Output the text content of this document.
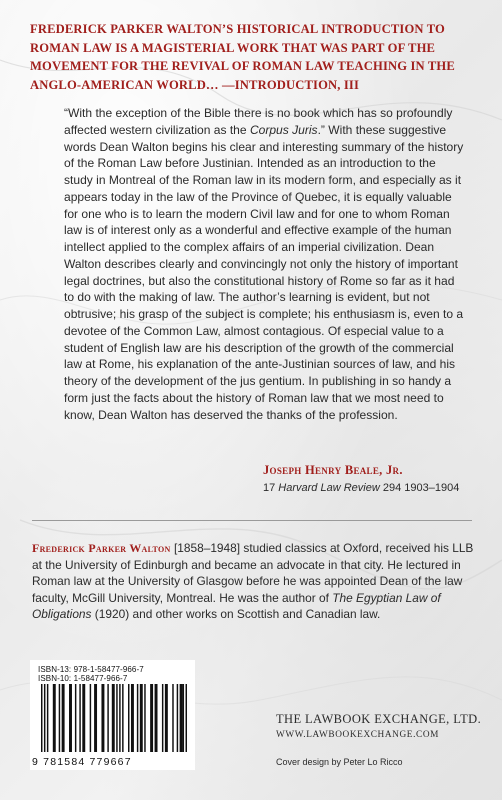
FREDERICK PARKER WALTON’S HISTORICAL INTRODUCTION TO ROMAN LAW IS A MAGISTERIAL WORK THAT WAS PART OF THE MOVEMENT FOR THE REVIVAL OF ROMAN LAW TEACHING IN THE ANGLO-AMERICAN WORLD… —INTRODUCTION, III
“With the exception of the Bible there is no book which has so profoundly affected western civilization as the Corpus Juris.” With these suggestive words Dean Walton begins his clear and interesting summary of the history of the Roman Law before Justinian. Intended as an introduction to the study in Montreal of the Roman law in its modern form, and especially as it appears today in the law of the Province of Quebec, it is equally valuable for one who is to learn the modern Civil law and for one to whom Roman law is of interest only as a wonderful and effective example of the human intellect applied to the complex affairs of an imperial civilization. Dean Walton describes clearly and convincingly not only the history of important legal doctrines, but also the constitutional history of Rome so far as it had to do with the making of law. The author’s learning is evident, but not obtrusive; his grasp of the subject is complete; his enthusiasm is, even to a devotee of the Common Law, almost contagious. Of especial value to a student of English law are his description of the growth of the commercial law at Rome, his explanation of the ante-Justinian sources of law, and his theory of the development of the jus gentium. In publishing in so handy a form just the facts about the history of Roman law that we most need to know, Dean Walton has deserved the thanks of the profession.
Joseph Henry Beale, Jr.
17 Harvard Law Review 294 1903–1904
Frederick Parker Walton [1858–1948] studied classics at Oxford, received his LLB at the University of Edinburgh and became an advocate in that city. He lectured in Roman law at the University of Glasgow before he was appointed Dean of the law faculty, McGill University, Montreal. He was the author of The Egyptian Law of Obligations (1920) and other works on Scottish and Canadian law.
ISBN-13: 978-1-58477-966-7
ISBN-10: 1-58477-966-7
9 781584 779667
THE LAWBOOK EXCHANGE, LTD.
WWW.LAWBOOKEXCHANGE.COM
Cover design by Peter Lo Ricco
